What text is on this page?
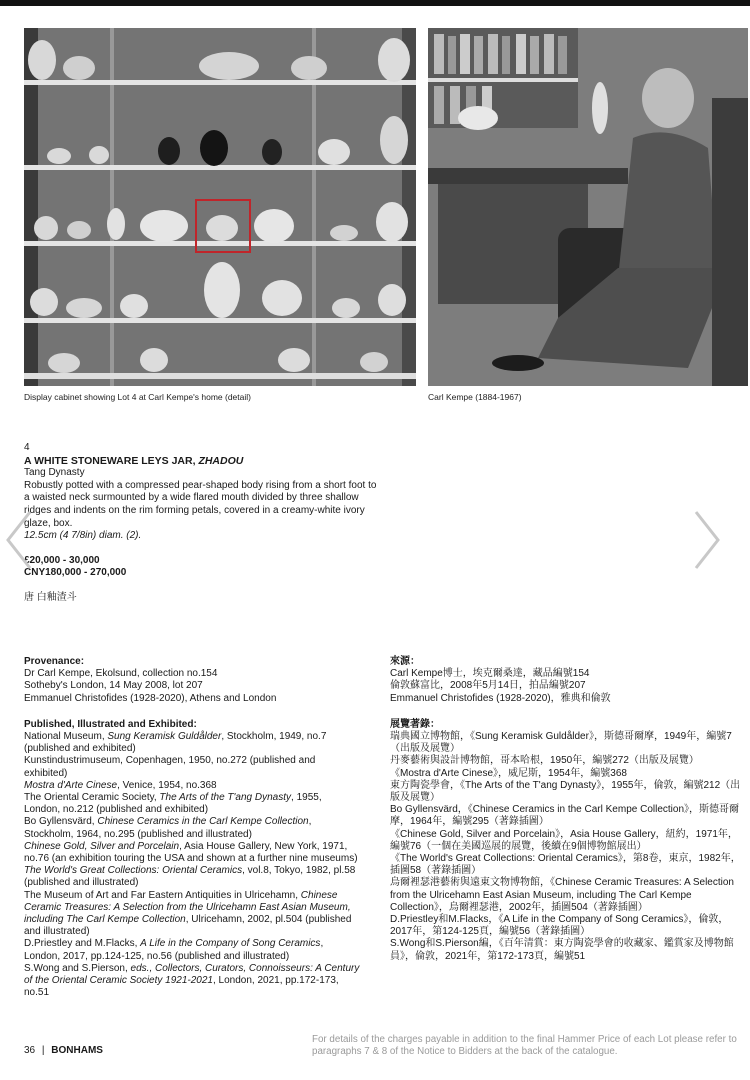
Display cabinet showing Lot 4 at Carl Kempe's home (detail)	Carl Kempe (1884-1967)
4
A WHITE STONEWARE LEYS JAR, ZHADOU
Tang Dynasty
Robustly potted with a compressed pear-shaped body rising from a short foot to a waisted neck surmounted by a wide flared mouth divided by three shallow ridges and indents on the rim forming petals, covered in a creamy-white ivory glaze, box.
12.5cm (4 7/8in) diam. (2).
£20,000 - 30,000
CNY180,000 - 270,000
唐 白釉渣斗

Provenance:

Dr Carl Kempe, Ekolsund, collection no.154

Sotheby's London, 14 May 2008, lot 207

Emmanuel Christofides (1928-2020), Athens and London

Published, Illustrated and Exhibited:

National Museum, Sung Keramisk Guldålder, Stockholm, 1949, no.7 (published and exhibited)

Kunstindustrimuseum, Copenhagen, 1950, no.272 (published and exhibited)

Mostra d'Arte Cinese, Venice, 1954, no.368

The Oriental Ceramic Society, The Arts of the T'ang Dynasty, 1955, London, no.212 (published and exhibited)

Bo Gyllensvärd, Chinese Ceramics in the Carl Kempe Collection, Stockholm, 1964, no.295 (published and illustrated)

Chinese Gold, Silver and Porcelain, Asia House Gallery, New York, 1971, no.76 (an exhibition touring the USA and shown at a further nine museums)

The World's Great Collections: Oriental Ceramics, vol.8, Tokyo, 1982, pl.58 (published and illustrated)

The Museum of Art and Far Eastern Antiquities in Ulricehamn, Chinese Ceramic Treasures: A Selection from the Ulricehamn East Asian Museum, including The Carl Kempe Collection, Ulricehamn, 2002, pl.504 (published and illustrated)

D.Priestley and M.Flacks, A Life in the Company of Song Ceramics, London, 2017, pp.124-125, no.56 (published and illustrated)

S.Wong and S.Pierson, eds., Collectors, Curators, Connoisseurs: A Century of the Oriental Ceramic Society 1921-2021, London, 2021, pp.172-173, no.51

來源：

Carl Kempe博士，埃克爾桑達，藏品編號154

倫敦蘇富比，2008年5月14日，拍品編號207

Emmanuel Christofides (1928-2020)，雅典和倫敦

展覽著錄：

瑞典國立博物館，《Sung Keramisk Guldålder》，斯德哥爾摩，1949年，編號7（出版及展覽）

丹麥藝術與設計博物館，哥本哈根，1950年，編號272（出版及展覽）

《Mostra d'Arte Cinese》，威尼斯，1954年，編號368

東方陶瓷學會，《The Arts of the T'ang Dynasty》，1955年，倫敦，編號212（出版及展覽）

Bo Gyllensvärd，《Chinese Ceramics in the Carl Kempe Collection》，斯德哥爾摩，1964年，編號295（著錄插圖）

《Chinese Gold, Silver and Porcelain》，Asia House Gallery，紐約，1971年，編號76（一個在美國巡展的展覽，後續在9個博物館展出）

《The World's Great Collections: Oriental Ceramics》，第8卷，東京，1982年，插圖58（著錄插圖）

烏爾裡瑟港藝術與遠東文物博物館，《Chinese Ceramic Treasures: A Selection from the Ulricehamn East Asian Museum, including The Carl Kempe Collection》，烏爾裡瑟港，2002年，插圖504（著錄插圖）

D.Priestley和M.Flacks，《A Life in the Company of Song Ceramics》，倫敦，2017年，第124-125頁，編號56（著錄插圖）

S.Wong和S.Pierson編，《百年清賞：東方陶瓷學會的收藏家、鑑賞家及博物館員》，倫敦，2021年，第172-173頁，編號51

36 | BONHAMS
For details of the charges payable in addition to the final Hammer Price of each Lot please refer to paragraphs 7 & 8 of the Notice to Bidders at the back of the catalogue.
